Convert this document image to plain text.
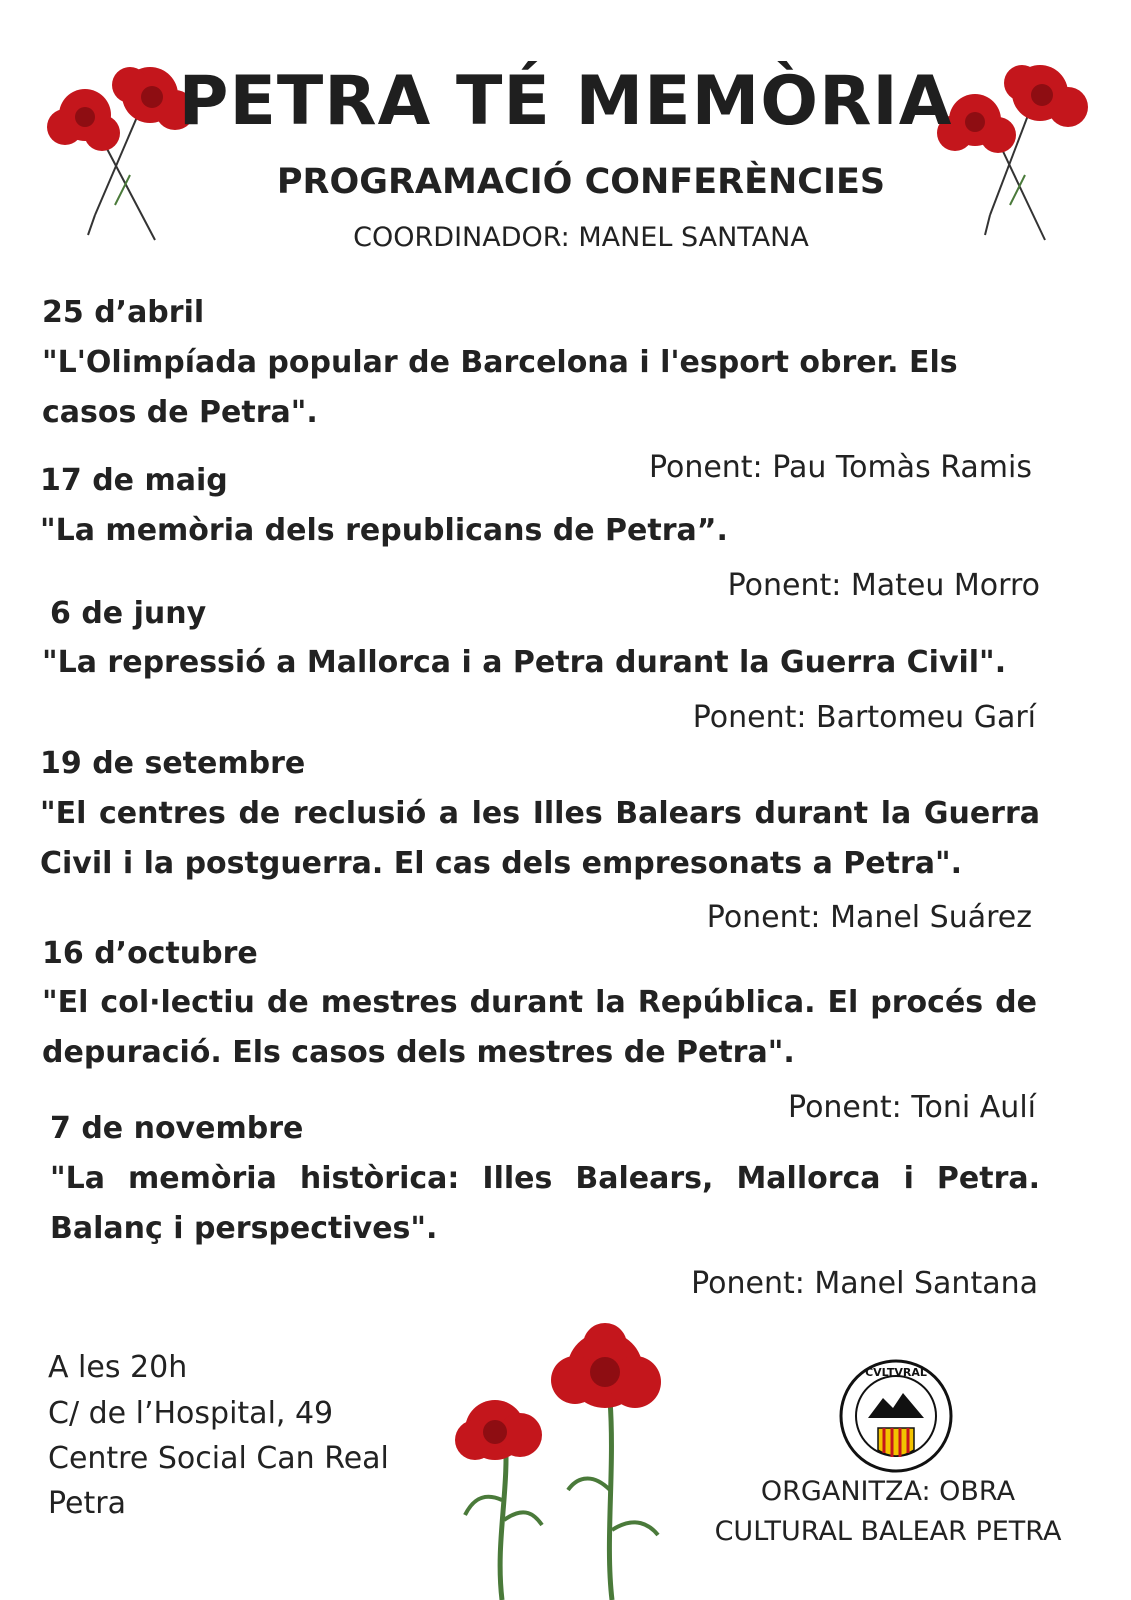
PETRA TÉ MEMÒRIA
PROGRAMACIÓ CONFERÈNCIES
COORDINADOR: MANEL SANTANA
25 d’abril
"L'Olimpíada popular de Barcelona i l'esport obrer. Els casos de Petra".
Ponent: Pau Tomàs Ramis
17 de maig
"La memòria dels republicans de Petra”.
Ponent: Mateu Morro
6 de juny
"La repressió a Mallorca i a Petra durant la Guerra Civil".
Ponent: Bartomeu Garí
19 de setembre
"El centres de reclusió a les Illes Balears durant la Guerra Civil i la postguerra. El cas dels empresonats a Petra".
Ponent: Manel Suárez
16 d’octubre
"El col·lectiu de mestres durant la República. El procés de depuració. Els casos dels mestres de Petra".
Ponent: Toni Aulí
7 de novembre
"La memòria històrica: Illes Balears, Mallorca i Petra. Balanç i perspectives".
Ponent: Manel Santana
A les 20h
C/ de l’Hospital, 49
Centre Social Can Real
Petra
CVLTVRAL
ORGANITZA: OBRA
CULTURAL BALEAR PETRA
